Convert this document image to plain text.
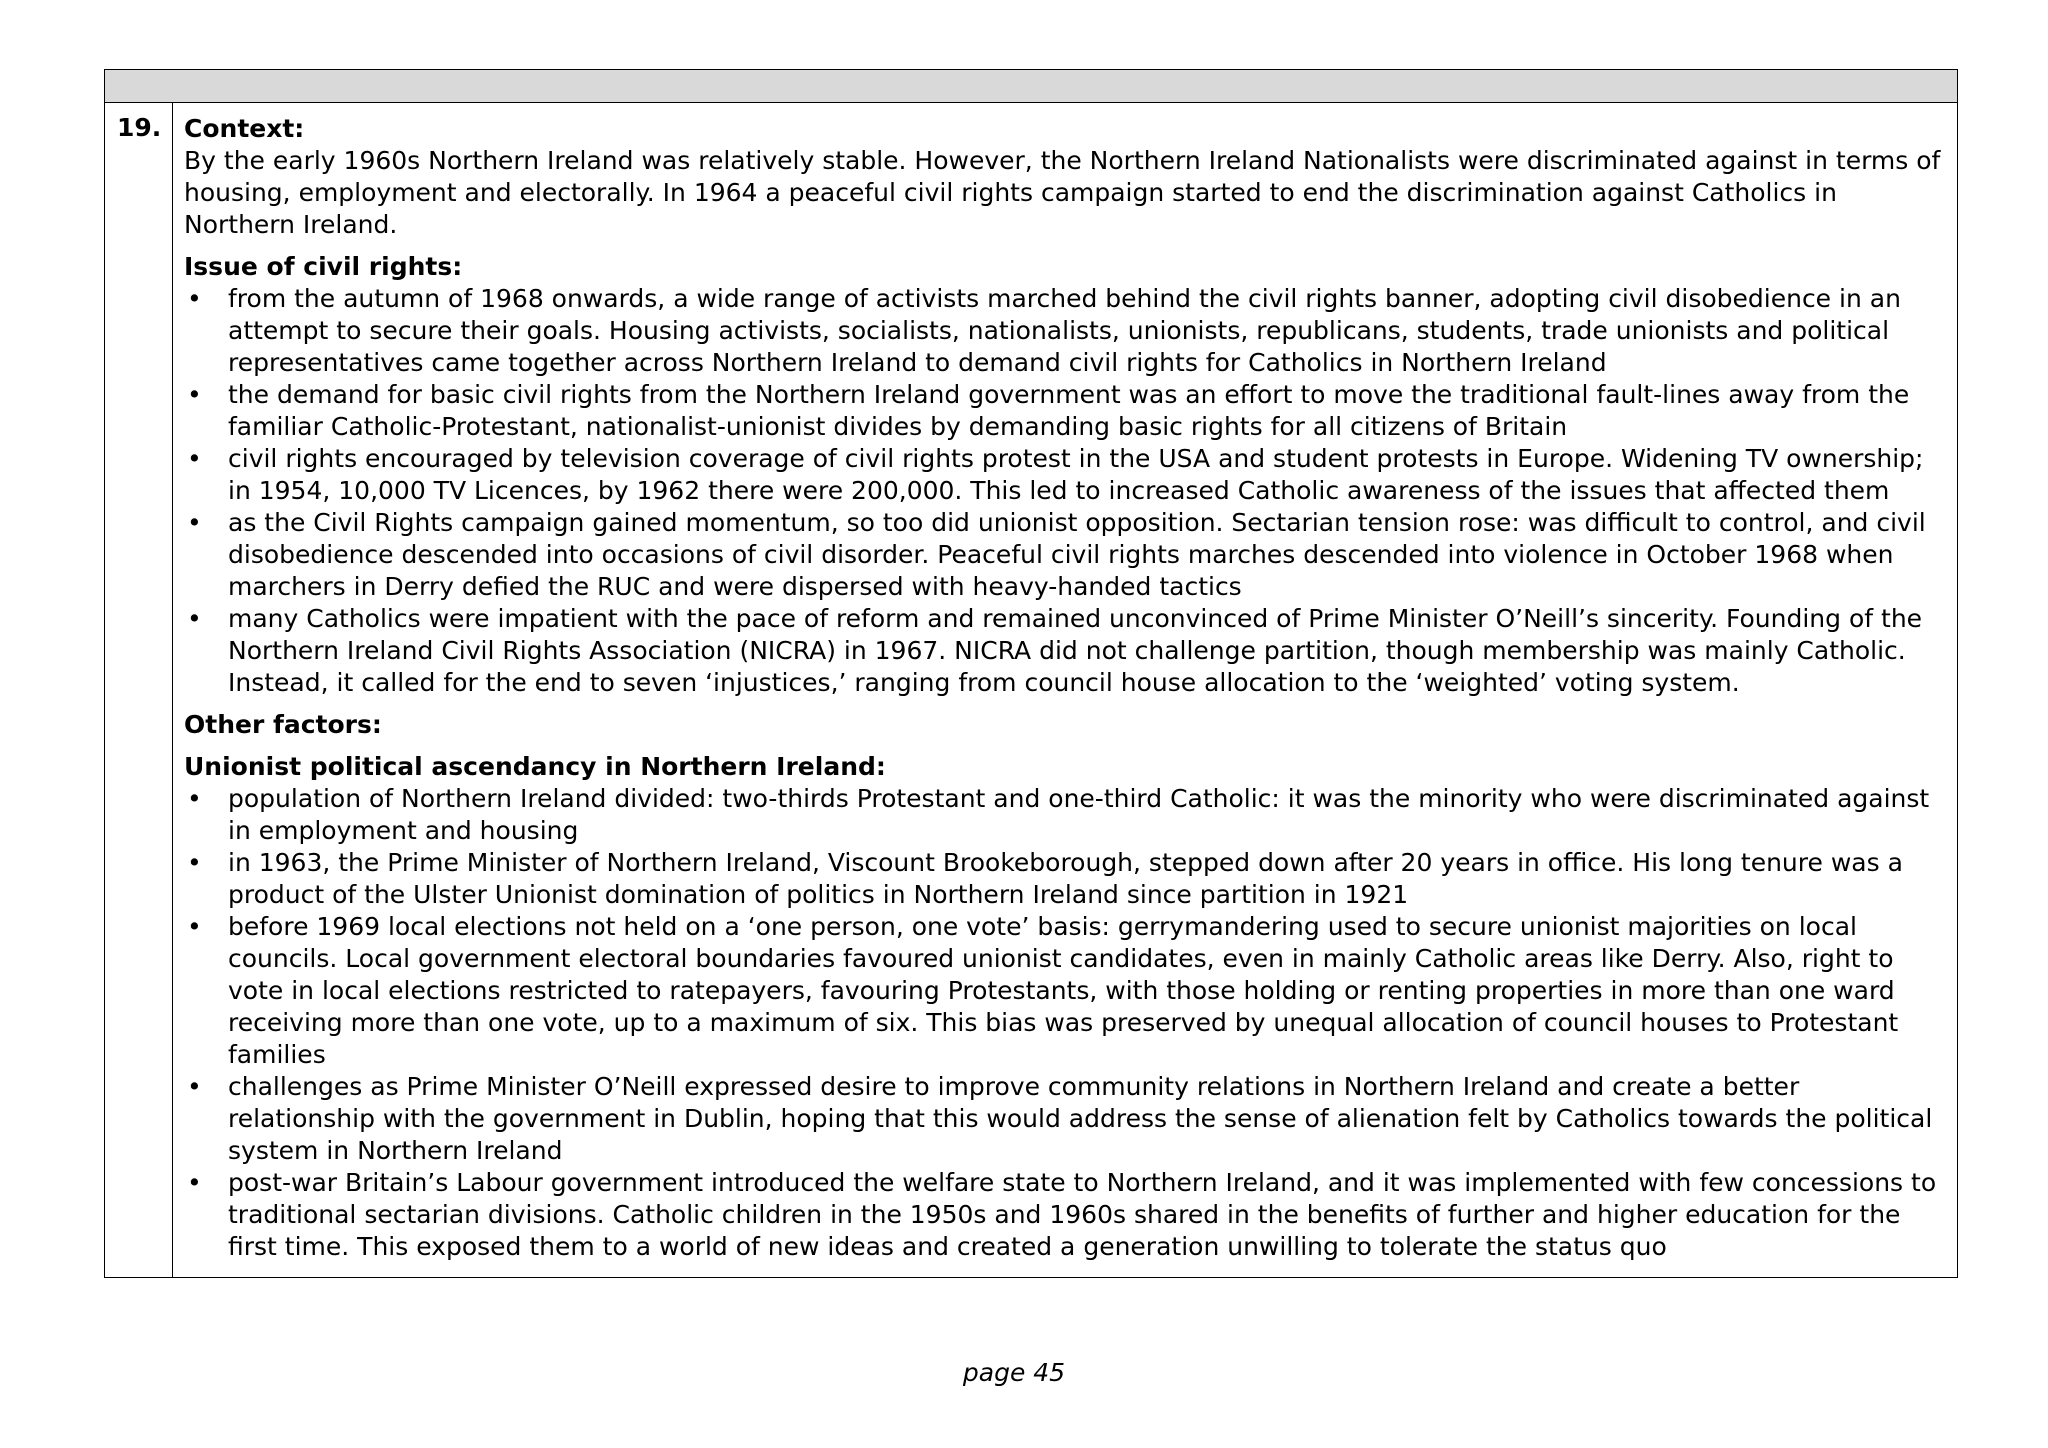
19. Context:

By the early 1960s Northern Ireland was relatively stable. However, the Northern Ireland Nationalists were discriminated against in terms of housing, employment and electorally. In 1964 a peaceful civil rights campaign started to end the discrimination against Catholics in Northern Ireland.

Issue of civil rights:

• from the autumn of 1968 onwards, a wide range of activists marched behind the civil rights banner, adopting civil disobedience in an attempt to secure their goals. Housing activists, socialists, nationalists, unionists, republicans, students, trade unionists and political representatives came together across Northern Ireland to demand civil rights for Catholics in Northern Ireland
• the demand for basic civil rights from the Northern Ireland government was an effort to move the traditional fault-lines away from the familiar Catholic-Protestant, nationalist-unionist divides by demanding basic rights for all citizens of Britain
• civil rights encouraged by television coverage of civil rights protest in the USA and student protests in Europe. Widening TV ownership; in 1954, 10,000 TV Licences, by 1962 there were 200,000. This led to increased Catholic awareness of the issues that affected them
• as the Civil Rights campaign gained momentum, so too did unionist opposition. Sectarian tension rose: was difficult to control, and civil disobedience descended into occasions of civil disorder. Peaceful civil rights marches descended into violence in October 1968 when marchers in Derry defied the RUC and were dispersed with heavy-handed tactics
• many Catholics were impatient with the pace of reform and remained unconvinced of Prime Minister O’Neill’s sincerity. Founding of the Northern Ireland Civil Rights Association (NICRA) in 1967. NICRA did not challenge partition, though membership was mainly Catholic. Instead, it called for the end to seven ‘injustices,’ ranging from council house allocation to the ‘weighted’ voting system.

Other factors:

Unionist political ascendancy in Northern Ireland:

• population of Northern Ireland divided: two-thirds Protestant and one-third Catholic: it was the minority who were discriminated against in employment and housing
• in 1963, the Prime Minister of Northern Ireland, Viscount Brookeborough, stepped down after 20 years in office. His long tenure was a product of the Ulster Unionist domination of politics in Northern Ireland since partition in 1921
• before 1969 local elections not held on a ‘one person, one vote’ basis: gerrymandering used to secure unionist majorities on local councils. Local government electoral boundaries favoured unionist candidates, even in mainly Catholic areas like Derry. Also, right to vote in local elections restricted to ratepayers, favouring Protestants, with those holding or renting properties in more than one ward receiving more than one vote, up to a maximum of six. This bias was preserved by unequal allocation of council houses to Protestant families
• challenges as Prime Minister O’Neill expressed desire to improve community relations in Northern Ireland and create a better relationship with the government in Dublin, hoping that this would address the sense of alienation felt by Catholics towards the political system in Northern Ireland
• post-war Britain’s Labour government introduced the welfare state to Northern Ireland, and it was implemented with few concessions to traditional sectarian divisions. Catholic children in the 1950s and 1960s shared in the benefits of further and higher education for the first time. This exposed them to a world of new ideas and created a generation unwilling to tolerate the status quo
page 45
